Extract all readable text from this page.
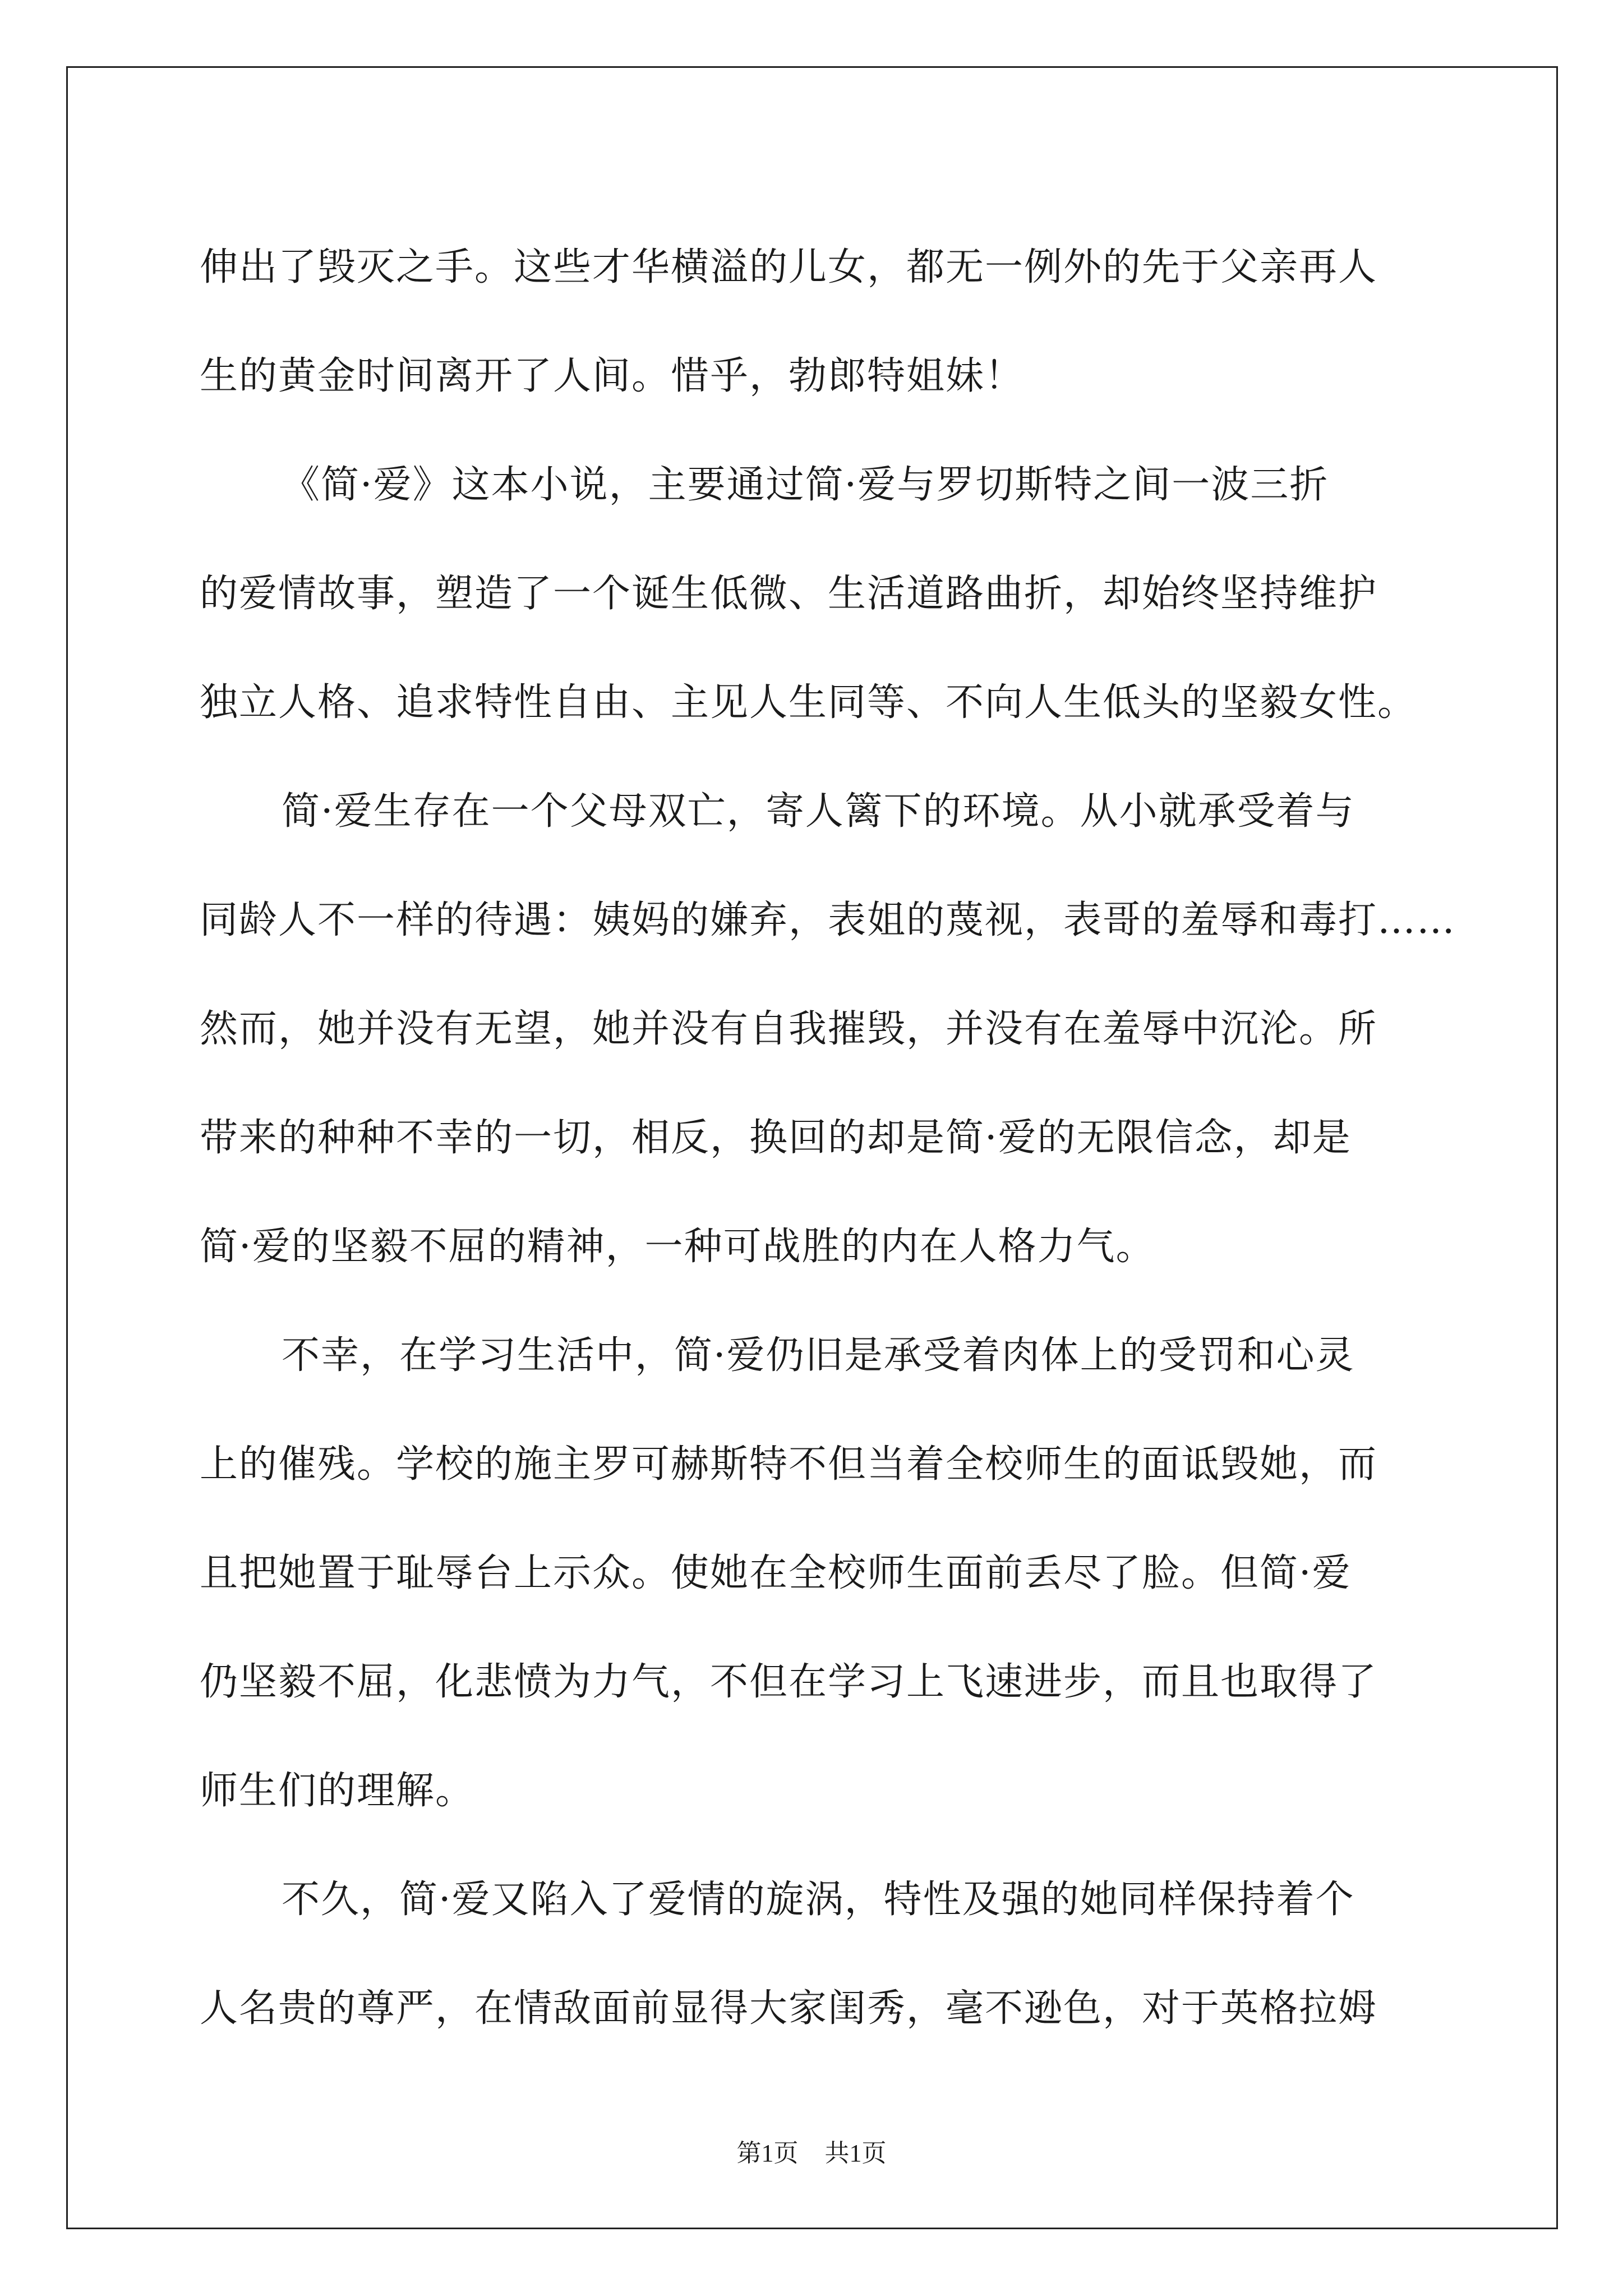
伸出了毁灭之手。这些才华横溢的儿女，都无一例外的先于父亲再人
生的黄金时间离开了人间。惜乎，勃郎特姐妹！
《简·爱》这本小说，主要通过简·爱与罗切斯特之间一波三折
的爱情故事，塑造了一个诞生低微、生活道路曲折，却始终坚持维护
独立人格、追求特性自由、主见人生同等、不向人生低头的坚毅女性。
简·爱生存在一个父母双亡，寄人篱下的环境。从小就承受着与
同龄人不一样的待遇：姨妈的嫌弃，表姐的蔑视，表哥的羞辱和毒打……
然而，她并没有无望，她并没有自我摧毁，并没有在羞辱中沉沦。所
带来的种种不幸的一切，相反，换回的却是简·爱的无限信念，却是
简·爱的坚毅不屈的精神，一种可战胜的内在人格力气。
不幸，在学习生活中，简·爱仍旧是承受着肉体上的受罚和心灵
上的催残。学校的施主罗可赫斯特不但当着全校师生的面诋毁她，而
且把她置于耻辱台上示众。使她在全校师生面前丢尽了脸。但简·爱
仍坚毅不屈，化悲愤为力气，不但在学习上飞速进步，而且也取得了
师生们的理解。
不久，简·爱又陷入了爱情的旋涡，特性及强的她同样保持着个
人名贵的尊严，在情敌面前显得大家闺秀，毫不逊色，对于英格拉姆
第1页 共1页
